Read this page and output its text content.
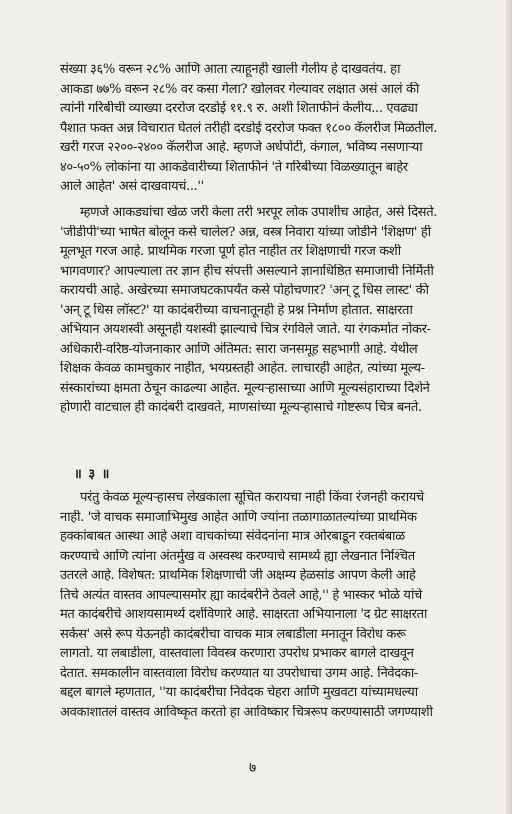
संख्या ३६% वरून २८% आणि आता त्याहूनही खाली गेलीय हे दाखवतंय. हा
आकडा ७७% वरून २८% वर कसा गेला? खोलवर गेल्यावर लक्षात असं आलं की
त्यांनी गरिबीची व्याख्या दररोज दरडोई ११.९ रु. अशी शिताफीनं केलीय... एवढ्या
पैशात फक्त अन्न विचारात घेतलं तरीही दरडोई दररोज फक्त १८०० कॅलरीज मिळतील.
खरी गरज २२००-२४०० कॅलरीज आहे. म्हणजे अर्धपोटी, कंगाल, भविष्य नसणाऱ्या
४०-५०% लोकांना या आकडेवारीच्या शिताफीनं 'ते गरिबीच्या विळख्यातून बाहेर
आले आहेत' असं दाखवायचं...''
म्हणजे आकड्यांचा खेळ जरी केला तरी भरपूर लोक उपाशीच आहेत, असे दिसते.
'जीडीपी'च्या भाषेत बोलून कसे चालेल? अन्न, वस्त्र निवारा यांच्या जोडीने 'शिक्षण' ही
मूलभूत गरज आहे. प्राथमिक गरजा पूर्ण होत नाहीत तर शिक्षणाची गरज कशी
भागवणार? आपल्याला तर ज्ञान हीच संपत्ती असल्याने ज्ञानाधिष्ठित समाजाची निर्मिती
करायची आहे. अखेरच्या समाजघटकापर्यंत कसे पोहोचणार? 'अन् टू धिस लास्ट' की
'अन् टू धिस लॉस्ट?' या कादंबरीच्या वाचनातूनही हे प्रश्न निर्माण होतात. साक्षरता
अभियान अयशस्वी असूनही यशस्वी झाल्याचे चित्र रंगविले जाते. या रंगकर्मात नोकर-
अधिकारी-वरिष्ठ-योजनाकार आणि अंतिमत: सारा जनसमूह सहभागी आहे. येथील
शिक्षक केवळ कामचुकार नाहीत, भयग्रस्तही आहेत. लाचारही आहेत, त्यांच्या मूल्य-
संस्कारांच्या क्षमता ठेचून काढल्या आहेत. मूल्यऱ्हासाच्या आणि मूल्यसंहाराच्या दिशेने
होणारी वाटचाल ही कादंबरी दाखवते, माणसांच्या मूल्यऱ्हासाचे गोष्टरूप चित्र बनते.
॥ ३ ॥
परंतु केवळ मूल्यऱ्हासच लेखकाला सूचित करायचा नाही किंवा रंजनही करायचे
नाही. 'जे वाचक समाजाभिमुख आहेत आणि ज्यांना तळागाळातल्यांच्या प्राथमिक
हक्कांबाबत आस्था आहे अशा वाचकांच्या संवेदनांना मात्र ओरबाडून रक्तबंबाळ
करण्याचे आणि त्यांना अंतर्मुख व अस्वस्थ करण्याचे सामर्थ्य ह्या लेखनात निश्चित
उतरले आहे. विशेषत: प्राथमिक शिक्षणाची जी अक्षम्य हेळसांड आपण केली आहे
तिचे अत्यंत वास्तव आपल्यासमोर ह्या कादंबरीने ठेवले आहे,'' हे भास्कर भोळे यांचे
मत कादंबरीचे आशयसामर्थ्य दर्शविणारे आहे. साक्षरता अभियानाला 'द ग्रेट साक्षरता
सर्कस' असे रूप येऊनही कादंबरीचा वाचक मात्र लबाडीला मनातून विरोध करू
लागतो. या लबाडीला, वास्तवाला विवस्त्र करणारा उपरोध प्रभाकर बागले दाखवून
देतात. समकालीन वास्तवाला विरोध करण्यात या उपरोधाचा उगम आहे. निवेदका-
बद्दल बागले म्हणतात, ''या कादंबरीचा निवेदक चेहरा आणि मुखवटा यांच्यामधल्या
अवकाशातलं वास्तव आविष्कृत करतो हा आविष्कार चित्ररूप करण्यासाठी जगण्याशी
७
